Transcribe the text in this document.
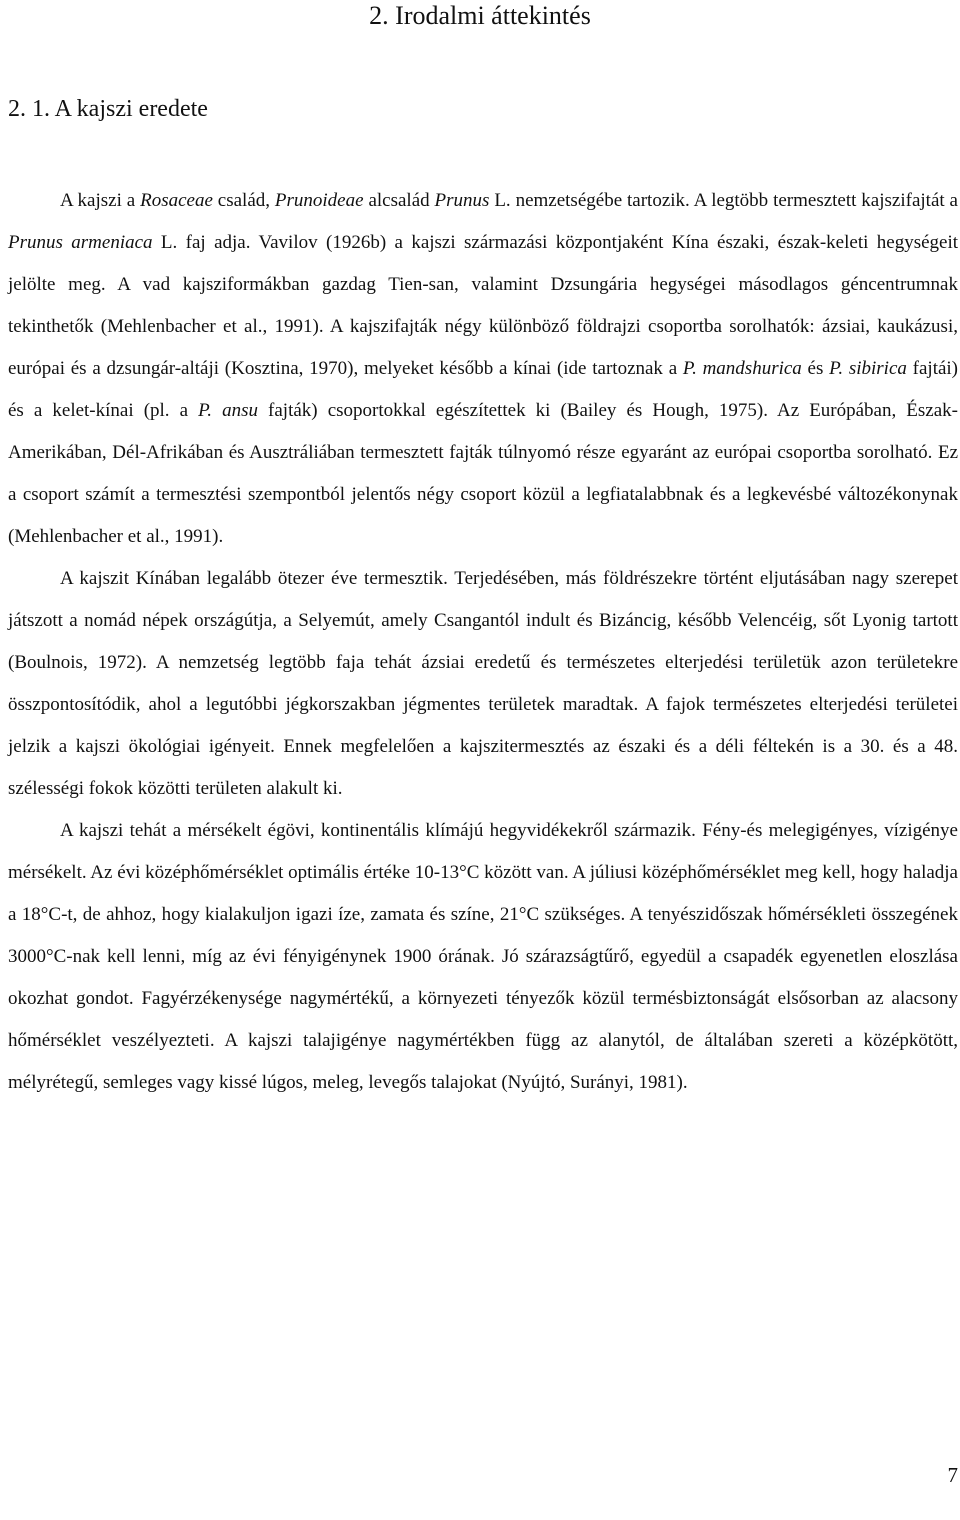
2. Irodalmi áttekintés
2. 1. A kajszi eredete

A kajszi a Rosaceae család, Prunoideae alcsalád Prunus L. nemzetségébe tartozik. A legtöbb termesztett kajszifajtát a Prunus armeniaca L. faj adja. Vavilov (1926b) a kajszi származási központjaként Kína északi, észak-keleti hegységeit jelölte meg. A vad kajsziformákban gazdag Tien-san, valamint Dzsungária hegységei másodlagos géncentrumnak tekinthetők (Mehlenbacher et al., 1991). A kajszifajták négy különböző földrajzi csoportba sorolhatók: ázsiai, kaukázusi, európai és a dzsungár-altáji (Kosztina, 1970), melyeket később a kínai (ide tartoznak a P. mandshurica és P. sibirica fajtái) és a kelet-kínai (pl. a P. ansu fajták) csoportokkal egészítettek ki (Bailey és Hough, 1975). Az Európában, Észak-Amerikában, Dél-Afrikában és Ausztráliában termesztett fajták túlnyomó része egyaránt az európai csoportba sorolható. Ez a csoport számít a termesztési szempontból jelentős négy csoport közül a legfiatalabbnak és a legkevésbé változékonynak (Mehlenbacher et al., 1991).

A kajszit Kínában legalább ötezer éve termesztik. Terjedésében, más földrészekre történt eljutásában nagy szerepet játszott a nomád népek országútja, a Selyemút, amely Csangantól indult és Bizáncig, később Velencéig, sőt Lyonig tartott (Boulnois, 1972). A nemzetség legtöbb faja tehát ázsiai eredetű és természetes elterjedési területük azon területekre összpontosítódik, ahol a legutóbbi jégkorszakban jégmentes területek maradtak. A fajok természetes elterjedési területei jelzik a kajszi ökológiai igényeit. Ennek megfelelően a kajszitermesztés az északi és a déli féltekén is a 30. és a 48. szélességi fokok közötti területen alakult ki.

A kajszi tehát a mérsékelt égövi, kontinentális klímájú hegyvidékekről származik. Fény-és melegigényes, vízigénye mérsékelt. Az évi középhőmérséklet optimális értéke 10-13°C között van. A júliusi középhőmérséklet meg kell, hogy haladja a 18°C-t, de ahhoz, hogy kialakuljon igazi íze, zamata és színe, 21°C szükséges. A tenyészidőszak hőmérsékleti összegének 3000°C-nak kell lenni, míg az évi fényigénynek 1900 órának. Jó szárazságtűrő, egyedül a csapadék egyenetlen eloszlása okozhat gondot. Fagyérzékenysége nagymértékű, a környezeti tényezők közül termésbiztonságát elsősorban az alacsony hőmérséklet veszélyezteti. A kajszi talajigénye nagymértékben függ az alanytól, de általában szereti a középkötött, mélyrétegű, semleges vagy kissé lúgos, meleg, levegős talajokat (Nyújtó, Surányi, 1981).

7
